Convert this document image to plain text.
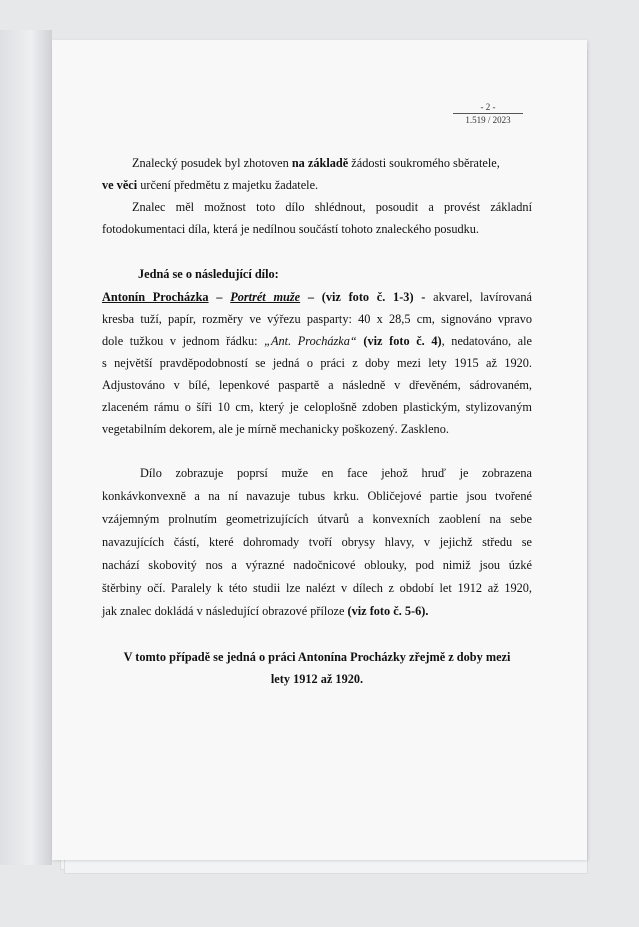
- 2 -
1.519 / 2023
Znalecký posudek byl zhotoven na základě žádosti soukromého sběratele,
ve věci určení předmětu z majetku žadatele.
Znalec měl možnost toto dílo shlédnout, posoudit a provést základní
fotodokumentaci díla, která je nedílnou součástí tohoto znaleckého posudku.
Jedná se o následující dílo:
Antonín Procházka – Portrét muže – (viz foto č. 1-3) - akvarel, lavírovaná
kresba tuží, papír, rozměry ve výřezu pasparty: 40 x 28,5 cm, signováno vpravo
dole tužkou v jednom řádku: „Ant. Procházka“ (viz foto č. 4), nedatováno, ale
s největší pravděpodobností se jedná o práci z doby mezi lety 1915 až 1920.
Adjustováno v bílé, lepenkové paspartě a následně v dřevěném, sádrovaném,
zlaceném rámu o šíři 10 cm, který je celoplošně zdoben plastickým, stylizovaným
vegetabilním dekorem, ale je mírně mechanicky poškozený. Zaskleno.
Dílo zobrazuje poprsí muže en face jehož hruď je zobrazena
konkávkonvexně a na ní navazuje tubus krku. Obličejové partie jsou tvořené
vzájemným prolnutím geometrizujících útvarů a konvexních zaoblení na sebe
navazujících částí, které dohromady tvoří obrysy hlavy, v jejichž středu se
nachází skobovitý nos a výrazné nadočnicové oblouky, pod nimiž jsou úzké
štěrbiny očí. Paralely k této studii lze nalézt v dílech z období let 1912 až 1920,
jak znalec dokládá v následující obrazové příloze (viz foto č. 5-6).
V tomto případě se jedná o práci Antonína Procházky zřejmě z doby mezi
lety 1912 až 1920.
